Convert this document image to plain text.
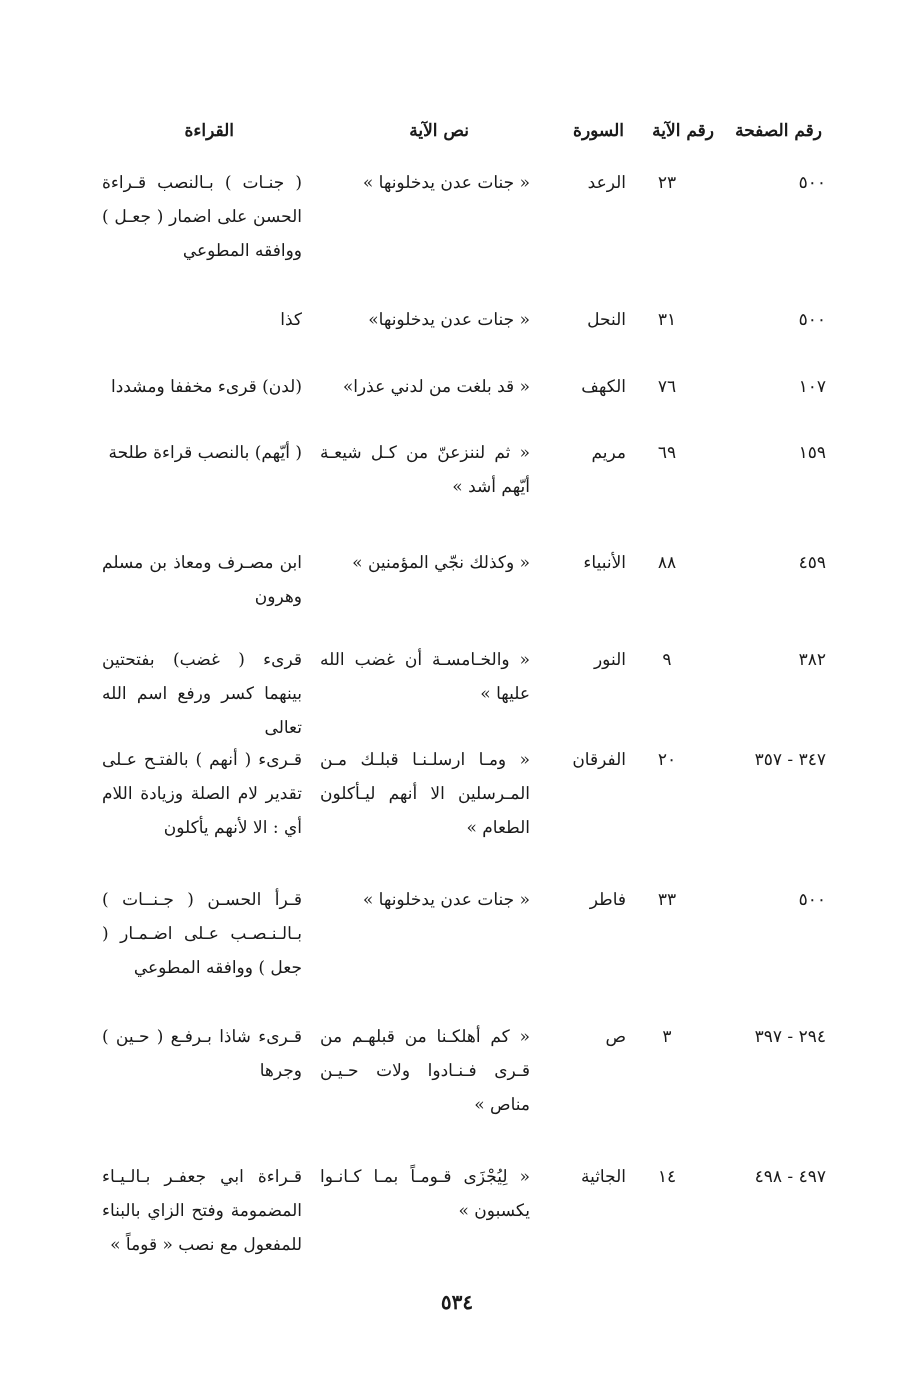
رقم الصفحة
رقم الآية
السورة
نص الآية
القراءة
٥٠٠
٢٣
الرعد
« جنات عدن يدخلونها »
( جنـات ) بـالنصب قـراءة الحسن على اضمار ( جعـل ) ووافقه المطوعي
٥٠٠
٣١
النحل
« جنات عدن يدخلونها»
كذا
١٠٧
٧٦
الكهف
« قد بلغت من لدني عذرا»
(لدن) قرىء مخففا ومشددا
١٥٩
٦٩
مريم
« ثم لننزعنّ من كـل شيعـة أيّهم أشد »
( أيّهم) بالنصب قراءة طلحة
٤٥٩
٨٨
الأنبياء
« وكذلك نجّي المؤمنين »
ابن مصـرف ومعاذ بن مسلم وهرون
٣٨٢
٩
النور
« والخـامسـة أن غضب الله عليها »
قرىء ( غضب) بفتحتين بينهما كسر ورفع اسم الله تعالى
٣٤٧ - ٣٥٧
٢٠
الفرقان
« ومـا ارسلـنـا قبلـك مـن المـرسلين الا أنهم ليـأكلون الطعام »
قـرىء ( أنهم ) بالفتـح عـلى تقدير لام الصلة وزيادة اللام أي : الا لأنهم يأكلون
٥٠٠
٣٣
فاطر
« جنات عدن يدخلونها »
قـرأ الحسـن ( جـنــات ) بـالـنـصـب عـلى اضـمـار ( جعل ) ووافقه المطوعي
٢٩٤ - ٣٩٧
٣
ص
« كم أهلكـنا من قبلهـم من قـرى فـنـادوا ولات حـيـن مناص »
قـرىء شاذا بـرفـع ( حـين ) وجرها
٤٩٧ - ٤٩٨
١٤
الجاثية
« لِيُجْزَى قـومـاً بمـا كـانـوا يكسبون »
قـراءة ابي جعفـر بـالـيـاء المضمومة وفتح الزاي بالبناء للمفعول مع نصب « قوماً »
٥٣٤
